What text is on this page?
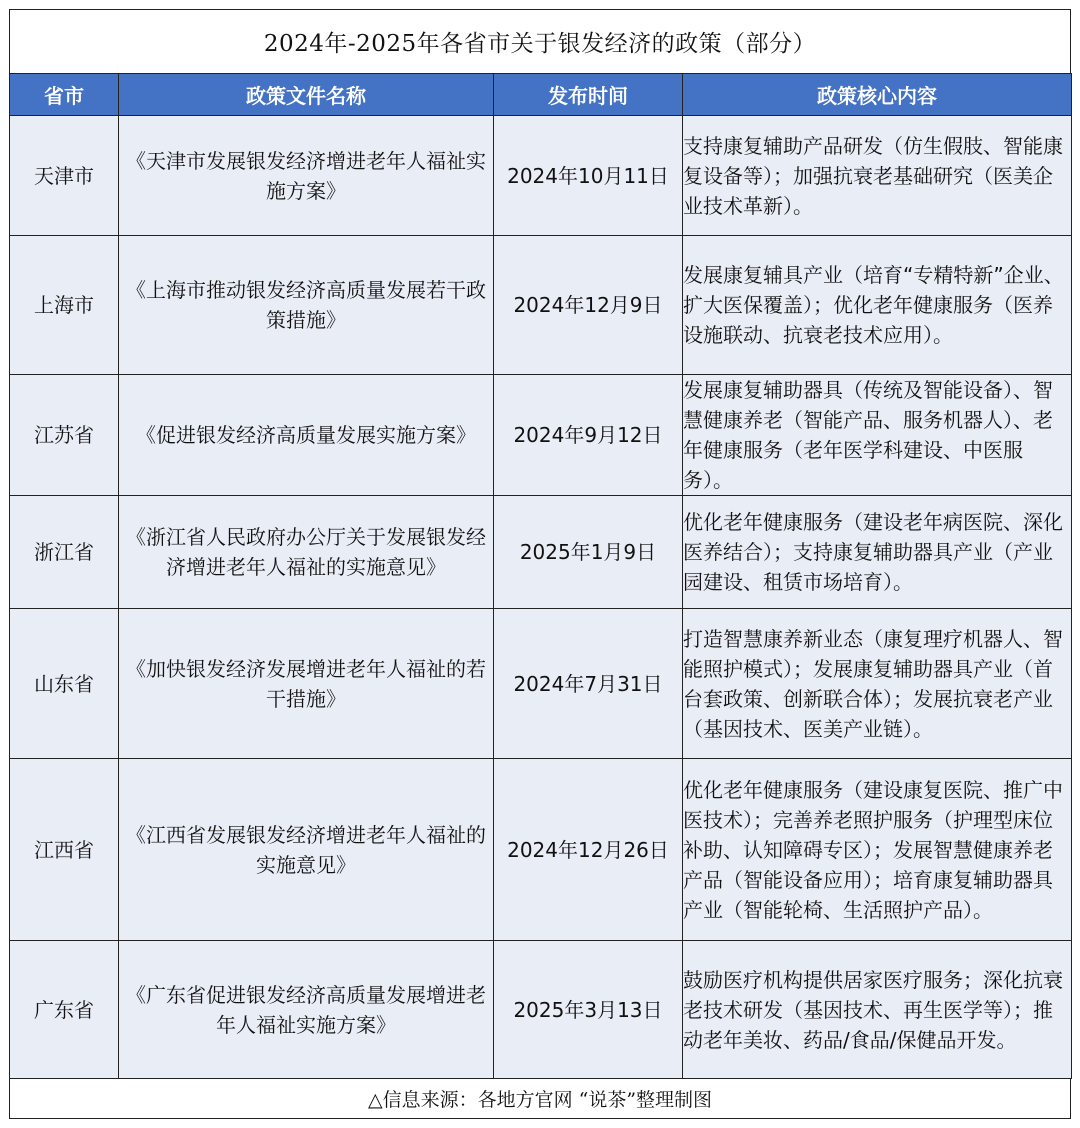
2024年-2025年各省市关于银发经济的政策（部分）
省市	政策文件名称	发布时间	政策核心内容
天津市	《天津市发展银发经济增进老年人福祉实施方案》	2024年10月11日	支持康复辅助产品研发（仿生假肢、智能康复设备等）；加强抗衰老基础研究（医美企业技术革新）。
上海市	《上海市推动银发经济高质量发展若干政策措施》	2024年12月9日	发展康复辅具产业（培育“专精特新”企业、扩大医保覆盖）；优化老年健康服务（医养设施联动、抗衰老技术应用）。
江苏省	《促进银发经济高质量发展实施方案》	2024年9月12日	发展康复辅助器具（传统及智能设备）、智慧健康养老（智能产品、服务机器人）、老年健康服务（老年医学科建设、中医服务）。
浙江省	《浙江省人民政府办公厅关于发展银发经济增进老年人福祉的实施意见》	2025年1月9日	优化老年健康服务（建设老年病医院、深化医养结合）；支持康复辅助器具产业（产业园建设、租赁市场培育）。
山东省	《加快银发经济发展增进老年人福祉的若干措施》	2024年7月31日	打造智慧康养新业态（康复理疗机器人、智能照护模式）；发展康复辅助器具产业（首台套政策、创新联合体）；发展抗衰老产业（基因技术、医美产业链）。
江西省	《江西省发展银发经济增进老年人福祉的实施意见》	2024年12月26日	优化老年健康服务（建设康复医院、推广中医技术）；完善养老照护服务（护理型床位补助、认知障碍专区）；发展智慧健康养老产品（智能设备应用）；培育康复辅助器具产业（智能轮椅、生活照护产品）。
广东省	《广东省促进银发经济高质量发展增进老年人福祉实施方案》	2025年3月13日	鼓励医疗机构提供居家医疗服务；深化抗衰老技术研发（基因技术、再生医学等）；推动老年美妆、药品/食品/保健品开发。
△信息来源：各地方官网 “说茶”整理制图
